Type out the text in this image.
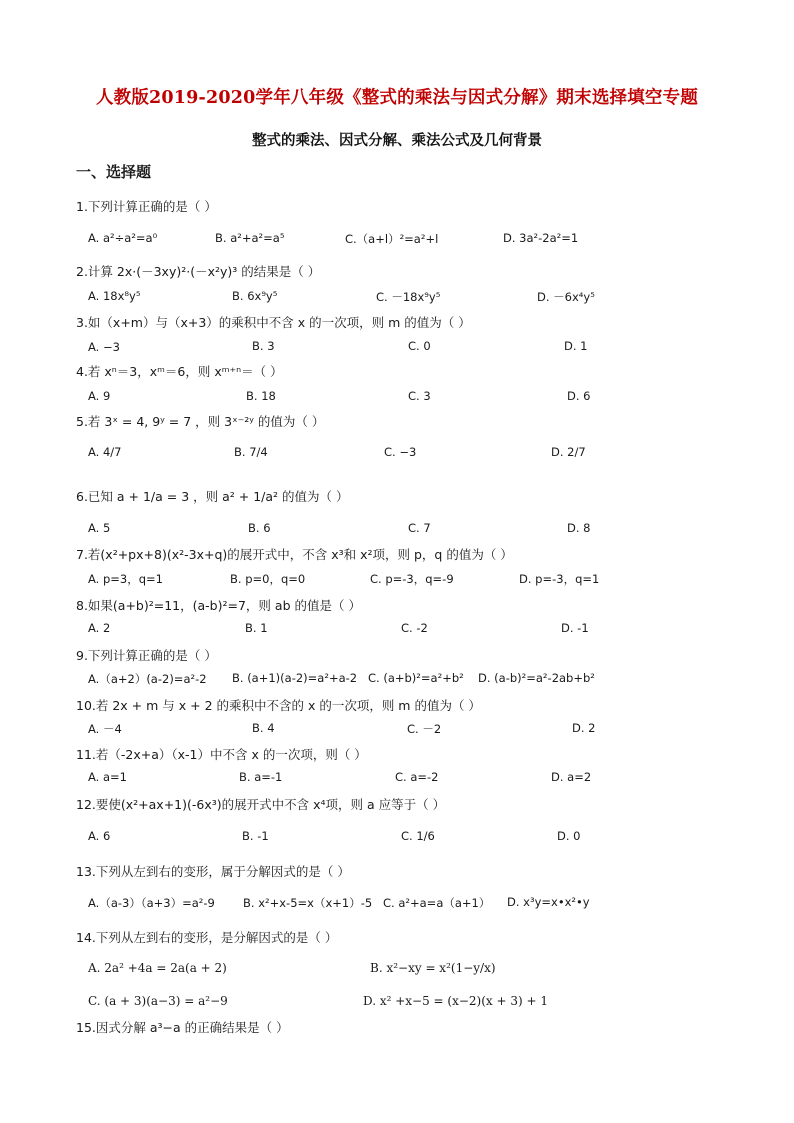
人教版2019-2020学年八年级《整式的乘法与因式分解》期末选择填空专题
整式的乘法、因式分解、乘法公式及几何背景
一、选择题
1.下列计算正确的是（ ）
A. a²÷a²=a⁰	B. a²+a²=a⁵	C.（a+l）²=a²+l	D. 3a²-2a²=1
2.计算 2x·(－3xy)²·(－x²y)³ 的结果是（ ）
A. 18x⁸y⁵	B. 6x⁹y⁵	C. －18x⁹y⁵	D. －6x⁴y⁵
3.如（x+m）与（x+3）的乘积中不含 x 的一次项，则 m 的值为（ ）
A. −3	B. 3	C. 0	D. 1
4.若 xⁿ＝3，xᵐ＝6，则 xᵐ⁺ⁿ＝（ ）
A. 9	B. 18	C. 3	D. 6
5.若 3ˣ = 4, 9ʸ = 7 ，则 3ˣ⁻²ʸ 的值为（ ）
A. 4/7	B. 7/4	C. −3	D. 2/7
6.已知 a + 1/a = 3 ，则 a² + 1/a² 的值为（ ）
A. 5	B. 6	C. 7	D. 8
7.若(x²+px+8)(x²-3x+q)的展开式中，不含 x³和 x²项，则 p，q 的值为（ ）
A. p=3，q=1	B. p=0，q=0	C. p=-3，q=-9	D. p=-3，q=1
8.如果(a+b)²=11，(a-b)²=7，则 ab 的值是（ ）
A. 2	B. 1	C. -2	D. -1
9.下列计算正确的是（ ）
A.（a+2）(a-2)=a²-2 B. (a+1)(a-2)=a²+a-2 C. (a+b)²=a²+b² D. (a-b)²=a²-2ab+b²
10.若 2x + m 与 x + 2 的乘积中不含的 x 的一次项，则 m 的值为（ ）
A. －4	B. 4	C. －2	D. 2
11.若（-2x+a）（x-1）中不含 x 的一次项，则（ ）
A. a=1	B. a=-1	C. a=-2	D. a=2
12.要使(x²+ax+1)(-6x³)的展开式中不含 x⁴项，则 a 应等于（ ）
A. 6	B. -1	C. 1/6	D. 0
13.下列从左到右的变形，属于分解因式的是（ ）
A.（a-3）（a+3）=a²-9 B. x²+x-5=x（x+1）-5 C. a²+a=a（a+1） D. x³y=x•x²•y
14.下列从左到右的变形，是分解因式的是（ ）
A. 2a² +4a = 2a(a + 2)	B. x²−xy = x²(1−y/x)
C. (a + 3)(a−3) = a²−9	D. x² +x−5 = (x−2)(x + 3) + 1
15.因式分解 a³−a 的正确结果是（ ）
